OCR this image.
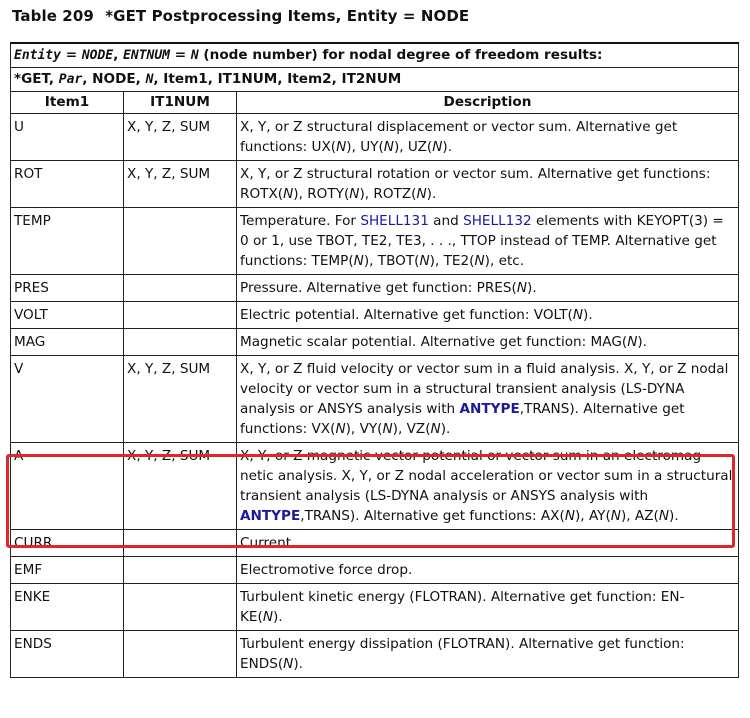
Table 209 *GET Postprocessing Items, Entity = NODE
Entity = NODE, ENTNUM = N (node number) for nodal degree of freedom results:		
*GET, Par, NODE, N, Item1, IT1NUM, Item2, IT2NUM		
Item1	IT1NUM	Description
U	X, Y, Z, SUM	X, Y, or Z structural displacement or vector sum. Alternative get
functions: UX(N), UY(N), UZ(N).
ROT	X, Y, Z, SUM	X, Y, or Z structural rotation or vector sum. Alternative get functions:
ROTX(N), ROTY(N), ROTZ(N).
TEMP		Temperature. For SHELL131 and SHELL132 elements with KEYOPT(3) = 0 or 1, use TBOT, TE2, TE3, . . ., TTOP instead of TEMP. Alternative get functions: TEMP(N), TBOT(N), TE2(N), etc.
PRES		Pressure. Alternative get function: PRES(N).
VOLT		Electric potential. Alternative get function: VOLT(N).
MAG		Magnetic scalar potential. Alternative get function: MAG(N).
V	X, Y, Z, SUM	X, Y, or Z fluid velocity or vector sum in a fluid analysis. X, Y, or Z nodal velocity or vector sum in a structural transient analysis (LS-DYNA analysis or ANSYS analysis with ANTYPE,TRANS). Alternative get functions: VX(N), VY(N), VZ(N).
A	X, Y, Z, SUM	X, Y, or Z magnetic vector potential or vector sum in an electromag-netic analysis. X, Y, or Z nodal acceleration or vector sum in a structural transient analysis (LS-DYNA analysis or ANSYS analysis with ANTYPE,TRANS). Alternative get functions: AX(N), AY(N), AZ(N).
CURR		Current.
EMF		Electromotive force drop.
ENKE		Turbulent kinetic energy (FLOTRAN). Alternative get function: EN-
KE(N).
ENDS		Turbulent energy dissipation (FLOTRAN). Alternative get function:
ENDS(N).
